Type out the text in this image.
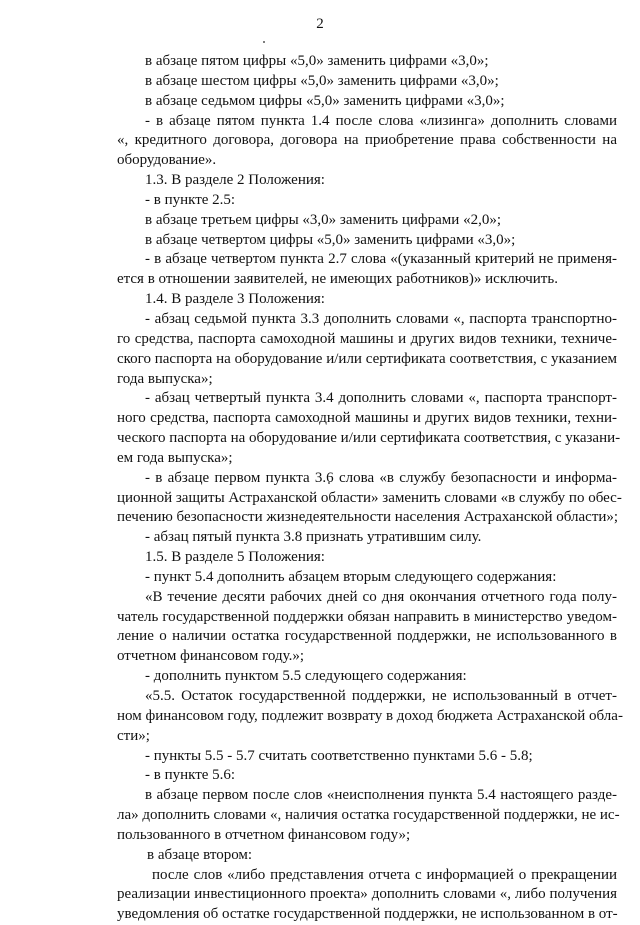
2
в абзаце пятом цифры «5,0» заменить цифрами «3,0»;
в абзаце шестом цифры «5,0» заменить цифрами «3,0»;
в абзаце седьмом цифры «5,0» заменить цифрами «3,0»;
- в абзаце пятом пункта 1.4 после слова «лизинга» дополнить словами
«, кредитного договора, договора на приобретение права собственности на
оборудование».
1.3. В разделе 2 Положения:
- в пункте 2.5:
в абзаце третьем цифры «3,0» заменить цифрами «2,0»;
в абзаце четвертом цифры «5,0» заменить цифрами «3,0»;
- в абзаце четвертом пункта 2.7 слова «(указанный критерий не применя-
ется в отношении заявителей, не имеющих работников)» исключить.
1.4. В разделе 3 Положения:
- абзац седьмой пункта 3.3 дополнить словами «, паспорта транспортно-
го средства, паспорта самоходной машины и других видов техники, техниче-
ского паспорта на оборудование и/или сертификата соответствия, с указанием
года выпуска»;
- абзац четвертый пункта 3.4 дополнить словами «, паспорта транспорт-
ного средства, паспорта самоходной машины и других видов техники, техни-
ческого паспорта на оборудование и/или сертификата соответствия, с указани-
ем года выпуска»;
- в абзаце первом пункта 3.6 слова «в службу безопасности и информа-
ционной защиты Астраханской области» заменить словами «в службу по обес-
печению безопасности жизнедеятельности населения Астраханской области»;
- абзац пятый пункта 3.8 признать утратившим силу.
1.5. В разделе 5 Положения:
- пункт 5.4 дополнить абзацем вторым следующего содержания:
«В течение десяти рабочих дней со дня окончания отчетного года полу-
чатель государственной поддержки обязан направить в министерство уведом-
ление о наличии остатка государственной поддержки, не использованного в
отчетном финансовом году.»;
- дополнить пунктом 5.5 следующего содержания:
«5.5. Остаток государственной поддержки, не использованный в отчет-
ном финансовом году, подлежит возврату в доход бюджета Астраханской обла-
сти»;
- пункты 5.5 - 5.7 считать соответственно пунктами 5.6 - 5.8;
- в пункте 5.6:
в абзаце первом после слов «неисполнения пункта 5.4 настоящего разде-
ла» дополнить словами «, наличия остатка государственной поддержки, не ис-
пользованного в отчетном финансовом году»;
в абзаце втором:
после слов «либо представления отчета с информацией о прекращении
реализации инвестиционного проекта» дополнить словами «, либо получения
уведомления об остатке государственной поддержки, не использованном в от-
